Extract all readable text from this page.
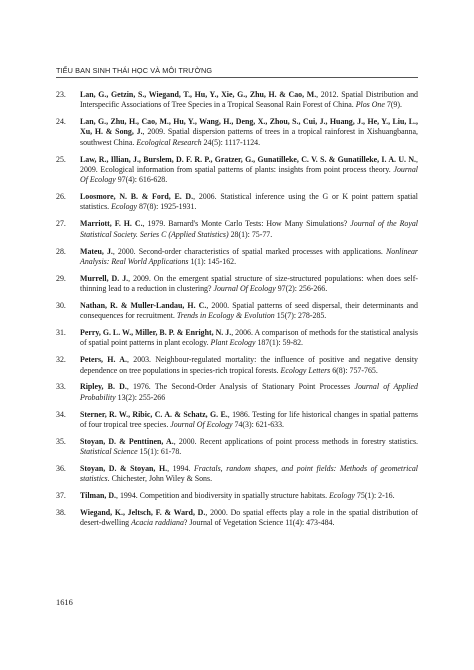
TIỂU BAN SINH THÁI HỌC VÀ MÔI TRƯỜNG
23. Lan, G., Getzin, S., Wiegand, T., Hu, Y., Xie, G., Zhu, H. & Cao, M., 2012. Spatial Distribution and Interspecific Associations of Tree Species in a Tropical Seasonal Rain Forest of China. Plos One 7(9).
24. Lan, G., Zhu, H., Cao, M., Hu, Y., Wang, H., Deng, X., Zhou, S., Cui, J., Huang, J., He, Y., Liu, L., Xu, H. & Song, J., 2009. Spatial dispersion patterns of trees in a tropical rainforest in Xishuangbanna, southwest China. Ecological Research 24(5): 1117-1124.
25. Law, R., Illian, J., Burslem, D. F. R. P., Gratzer, G., Gunatilleke, C. V. S. & Gunatilleke, I. A. U. N., 2009. Ecological information from spatial patterns of plants: insights from point process theory. Journal Of Ecology 97(4): 616-628.
26. Loosmore, N. B. & Ford, E. D., 2006. Statistical inference using the G or K point pattern spatial statistics. Ecology 87(8): 1925-1931.
27. Marriott, F. H. C., 1979. Barnard's Monte Carlo Tests: How Many Simulations? Journal of the Royal Statistical Society. Series C (Applied Statistics) 28(1): 75-77.
28. Mateu, J., 2000. Second-order characteristics of spatial marked processes with applications. Nonlinear Analysis: Real World Applications 1(1): 145-162.
29. Murrell, D. J., 2009. On the emergent spatial structure of size-structured populations: when does self-thinning lead to a reduction in clustering? Journal Of Ecology 97(2): 256-266.
30. Nathan, R. & Muller-Landau, H. C., 2000. Spatial patterns of seed dispersal, their determinants and consequences for recruitment. Trends in Ecology & Evolution 15(7): 278-285.
31. Perry, G. L. W., Miller, B. P. & Enright, N. J., 2006. A comparison of methods for the statistical analysis of spatial point patterns in plant ecology. Plant Ecology 187(1): 59-82.
32. Peters, H. A., 2003. Neighbour-regulated mortality: the influence of positive and negative density dependence on tree populations in species-rich tropical forests. Ecology Letters 6(8): 757-765.
33. Ripley, B. D., 1976. The Second-Order Analysis of Stationary Point Processes Journal of Applied Probability 13(2): 255-266
34. Sterner, R. W., Ribic, C. A. & Schatz, G. E., 1986. Testing for life historical changes in spatial patterns of four tropical tree species. Journal Of Ecology 74(3): 621-633.
35. Stoyan, D. & Penttinen, A., 2000. Recent applications of point process methods in forestry statistics. Statistical Science 15(1): 61-78.
36. Stoyan, D. & Stoyan, H., 1994. Fractals, random shapes, and point fields: Methods of geometrical statistics. Chichester, John Wiley & Sons.
37. Tilman, D., 1994. Competition and biodiversity in spatially structure habitats. Ecology 75(1): 2-16.
38. Wiegand, K., Jeltsch, F. & Ward, D., 2000. Do spatial effects play a role in the spatial distribution of desert-dwelling Acacia raddiana? Journal of Vegetation Science 11(4): 473-484.
1616
